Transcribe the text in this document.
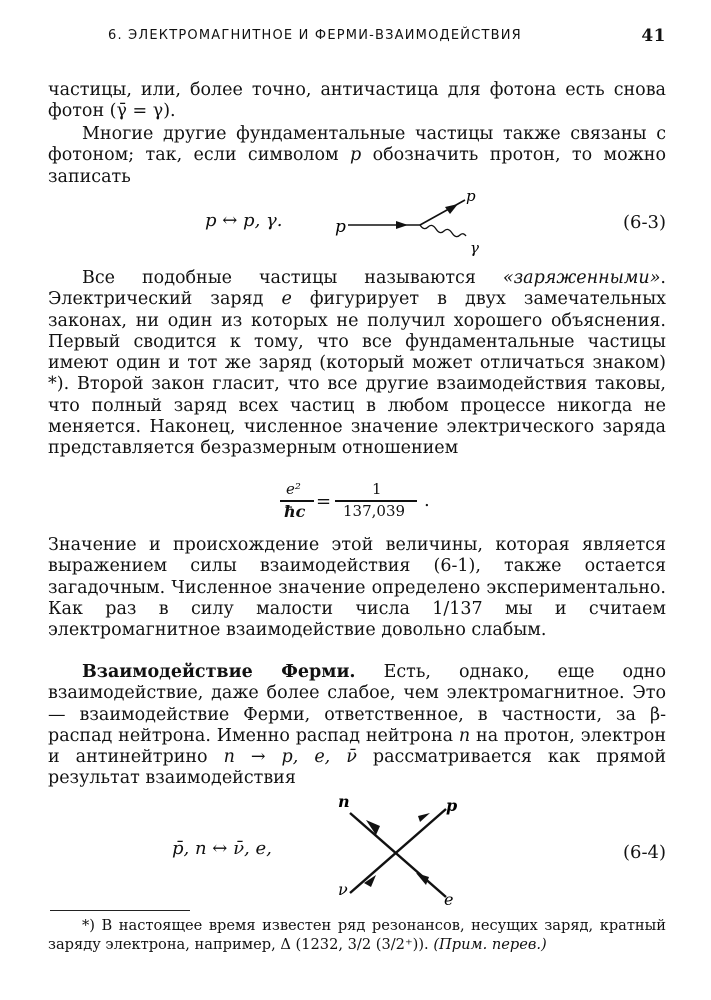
6. ЭЛЕКТРОМАГНИТНОЕ И ФЕРМИ-ВЗАИМОДЕЙСТВИЯ	41

частицы, или, более точно, античастица для фотона есть снова фотон (γ̄ = γ).

Многие другие фундаментальные частицы также связаны с фотоном; так, если символом p обозначить протон, то можно записать

p ↔ p, γ.	p
p
γ
(6-3)

Все подобные частицы называются «заряженными». Электрический заряд e фигурирует в двух замечательных законах, ни один из которых не получил хорошего объяснения. Первый сводится к тому, что все фундаментальные частицы имеют один и тот же заряд (который может отличаться знаком) *). Второй закон гласит, что все другие взаимодействия таковы, что полный заряд всех частиц в любом процессе никогда не меняется. Наконец, численное значение электрического заряда представляется безразмерным отношением

e²
ħc =
1
137,039 .

Значение и происхождение этой величины, которая является выражением силы взаимодействия (6-1), также остается загадочным. Численное значение определено экспериментально. Как раз в силу малости числа 1/137 мы и считаем электромагнитное взаимодействие довольно слабым.

Взаимодействие Ферми. Есть, однако, еще одно взаимодействие, даже более слабое, чем электромагнитное. Это — взаимодействие Ферми, ответственное, в частности, за β-распад нейтрона. Именно распад нейтрона n на протон, электрон и антинейтрино n → p, e, ν̄ рассматривается как прямой результат взаимодействия

p̄, n ↔ ν̄, e,
n	p
ν
e
(6-4)

*) В настоящее время известен ряд резонансов, несущих заряд, кратный заряду электрона, например, Δ (1232, 3/2 (3/2⁺)). (Прим. перев.)
